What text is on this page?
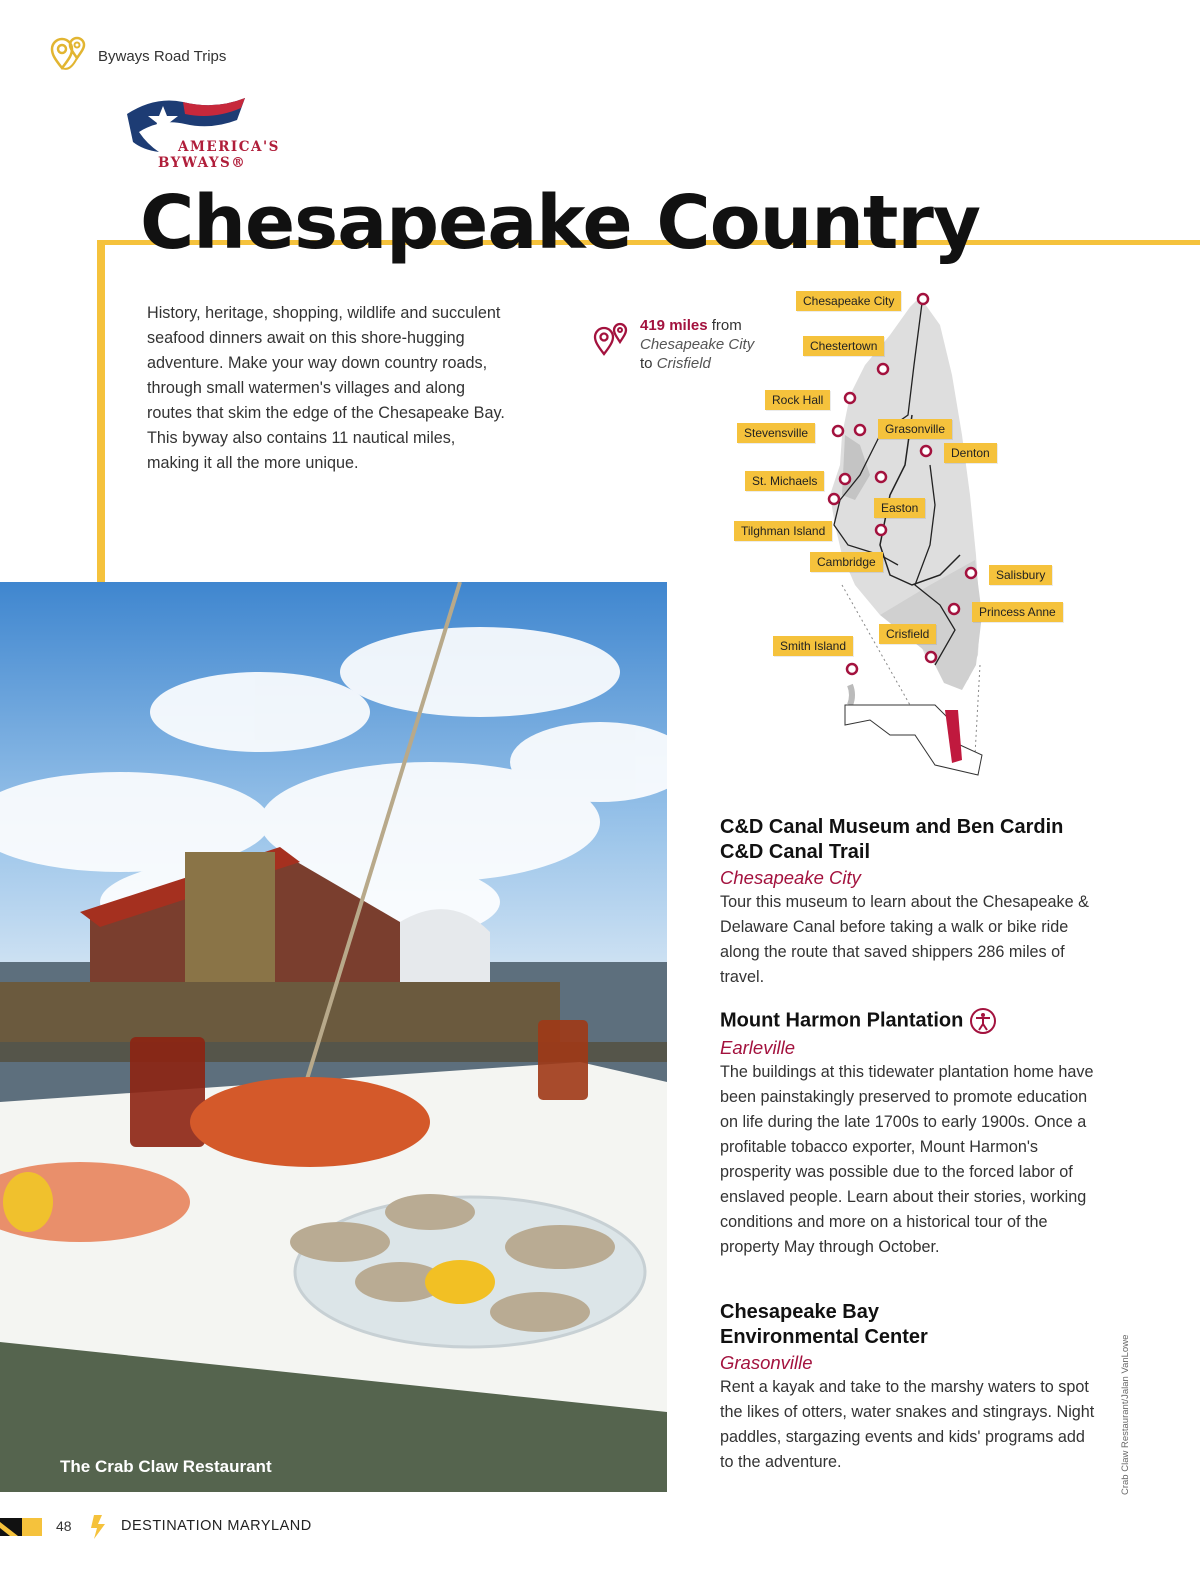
Byways Road Trips
AMERICA'S
BYWAYS®
Chesapeake Country
History, heritage, shopping, wildlife and succulent seafood dinners await on this shore-hugging adventure. Make your way down country roads, through small watermen's villages and along routes that skim the edge of the Chesapeake Bay. This byway also contains 11 nautical miles, making it all the more unique.
419 miles from
Chesapeake City
to Crisfield
Chesapeake City
Chestertown
Rock Hall
Stevensville	Grasonville
Denton
St. Michaels
Easton
Tilghman Island
Cambridge
Salisbury
Princess Anne
Crisfield
Smith Island
The Crab Claw Restaurant
C&D Canal Museum and Ben Cardin C&D Canal Trail
Chesapeake City

Tour this museum to learn about the Chesapeake & Delaware Canal before taking a walk or bike ride along the route that saved shippers 286 miles of travel.

Mount Harmon Plantation
Earleville

The buildings at this tidewater plantation home have been painstakingly preserved to promote education on life during the late 1700s to early 1900s. Once a profitable tobacco exporter, Mount Harmon's prosperity was possible due to the forced labor of enslaved people. Learn about their stories, working conditions and more on a historical tour of the property May through October.

Chesapeake Bay Environmental Center
Grasonville

Rent a kayak and take to the marshy waters to spot the likes of otters, water snakes and stingrays. Night paddles, stargazing events and kids' programs add to the adventure.	Crab Claw Restaurant/Jalan VanLowe
48	DESTINATION MARYLAND
